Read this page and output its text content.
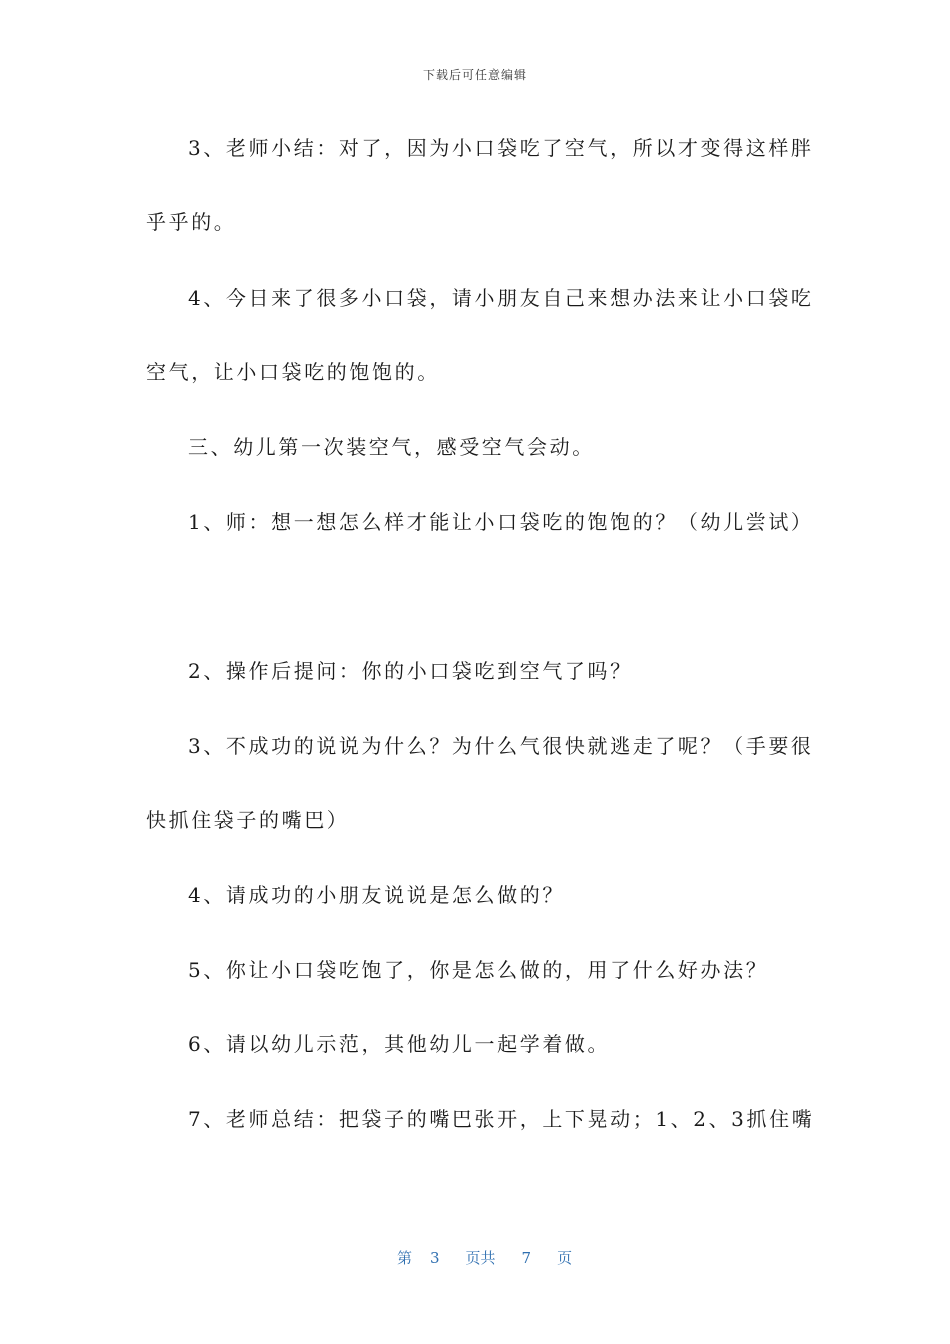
下载后可任意编辑
3、老师小结：对了，因为小口袋吃了空气，所以才变得这样胖
乎乎的。
4、今日来了很多小口袋，请小朋友自己来想办法来让小口袋吃
空气，让小口袋吃的饱饱的。
三、幼儿第一次装空气，感受空气会动。
1、师：想一想怎么样才能让小口袋吃的饱饱的？（幼儿尝试）
2、操作后提问：你的小口袋吃到空气了吗？
3、不成功的说说为什么？为什么气很快就逃走了呢？（手要很
快抓住袋子的嘴巴）
4、请成功的小朋友说说是怎么做的？
5、你让小口袋吃饱了，你是怎么做的，用了什么好办法？
6、请以幼儿示范，其他幼儿一起学着做。
7、老师总结：把袋子的嘴巴张开，上下晃动；1、2、3抓住嘴

第 3 页共 7 页
